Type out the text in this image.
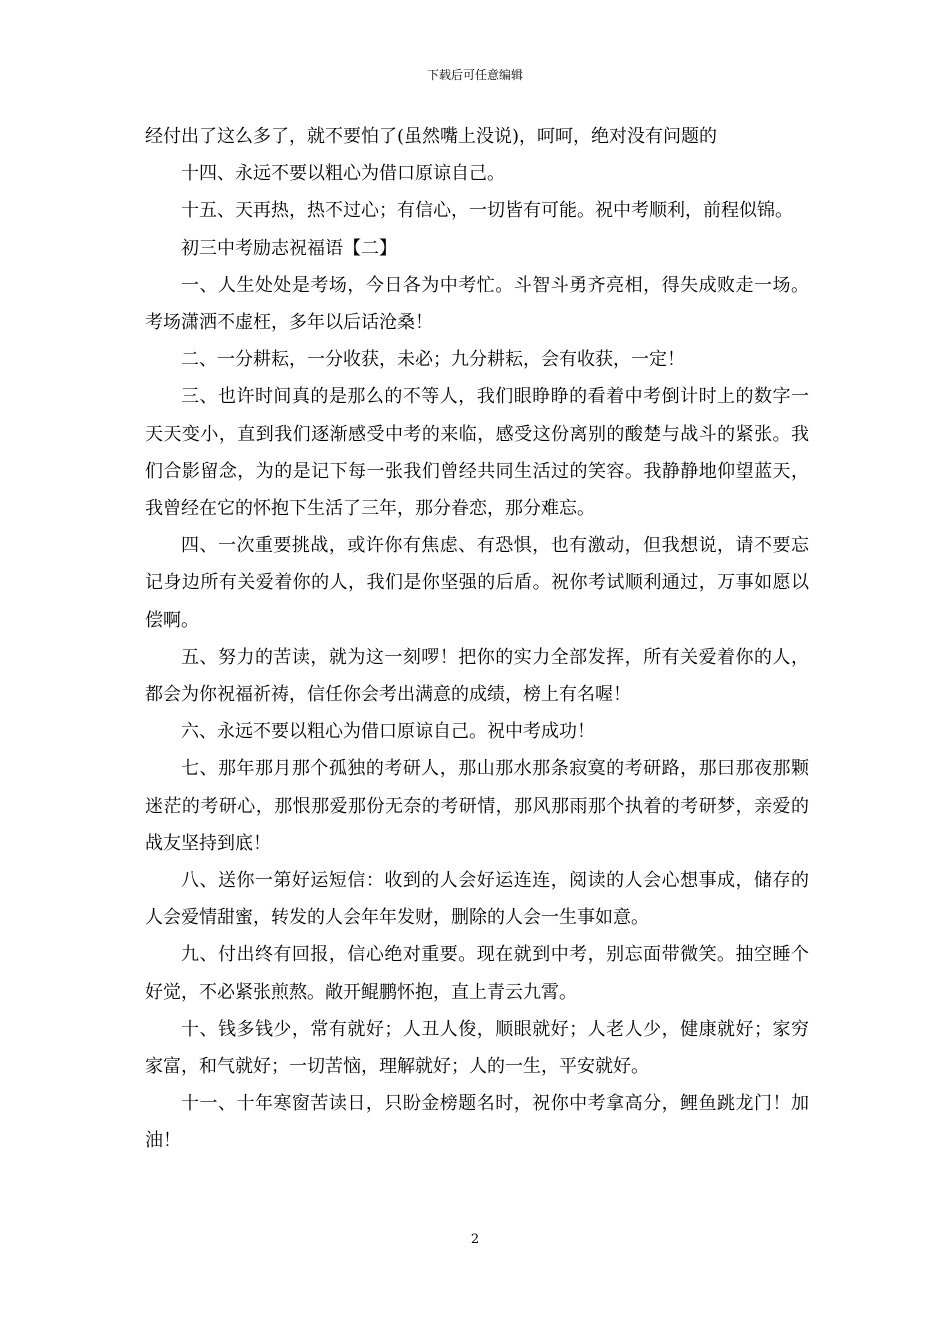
下载后可任意编辑

经付出了这么多了，就不要怕了(虽然嘴上没说)，呵呵，绝对没有问题的

十四、永远不要以粗心为借口原谅自己。

十五、天再热，热不过心；有信心，一切皆有可能。祝中考顺利，前程似锦。

初三中考励志祝福语【二】

一、人生处处是考场，今日各为中考忙。斗智斗勇齐亮相，得失成败走一场。考场潇洒不虚枉，多年以后话沧桑！

二、一分耕耘，一分收获，未必；九分耕耘，会有收获，一定！

三、也许时间真的是那么的不等人，我们眼睁睁的看着中考倒计时上的数字一天天变小，直到我们逐渐感受中考的来临，感受这份离别的酸楚与战斗的紧张。我们合影留念，为的是记下每一张我们曾经共同生活过的笑容。我静静地仰望蓝天，我曾经在它的怀抱下生活了三年，那分眷恋，那分难忘。

四、一次重要挑战，或许你有焦虑、有恐惧，也有激动，但我想说，请不要忘记身边所有关爱着你的人，我们是你坚强的后盾。祝你考试顺利通过，万事如愿以偿啊。

五、努力的苦读，就为这一刻啰！把你的实力全部发挥，所有关爱着你的人，都会为你祝福祈祷，信任你会考出满意的成绩，榜上有名喔！

六、永远不要以粗心为借口原谅自己。祝中考成功！

七、那年那月那个孤独的考研人，那山那水那条寂寞的考研路，那曰那夜那颗迷茫的考研心，那恨那爱那份无奈的考研情，那风那雨那个执着的考研梦，亲爱的战友坚持到底！

八、送你一第好运短信：收到的人会好运连连，阅读的人会心想事成，储存的人会爱情甜蜜，转发的人会年年发财，删除的人会一生事如意。

九、付出终有回报，信心绝对重要。现在就到中考，别忘面带微笑。抽空睡个好觉，不必紧张煎熬。敞开鲲鹏怀抱，直上青云九霄。

十、钱多钱少，常有就好；人丑人俊，顺眼就好；人老人少，健康就好；家穷家富，和气就好；一切苦恼，理解就好；人的一生，平安就好。

十一、十年寒窗苦读日，只盼金榜题名时，祝你中考拿高分，鲤鱼跳龙门！加油！

2
